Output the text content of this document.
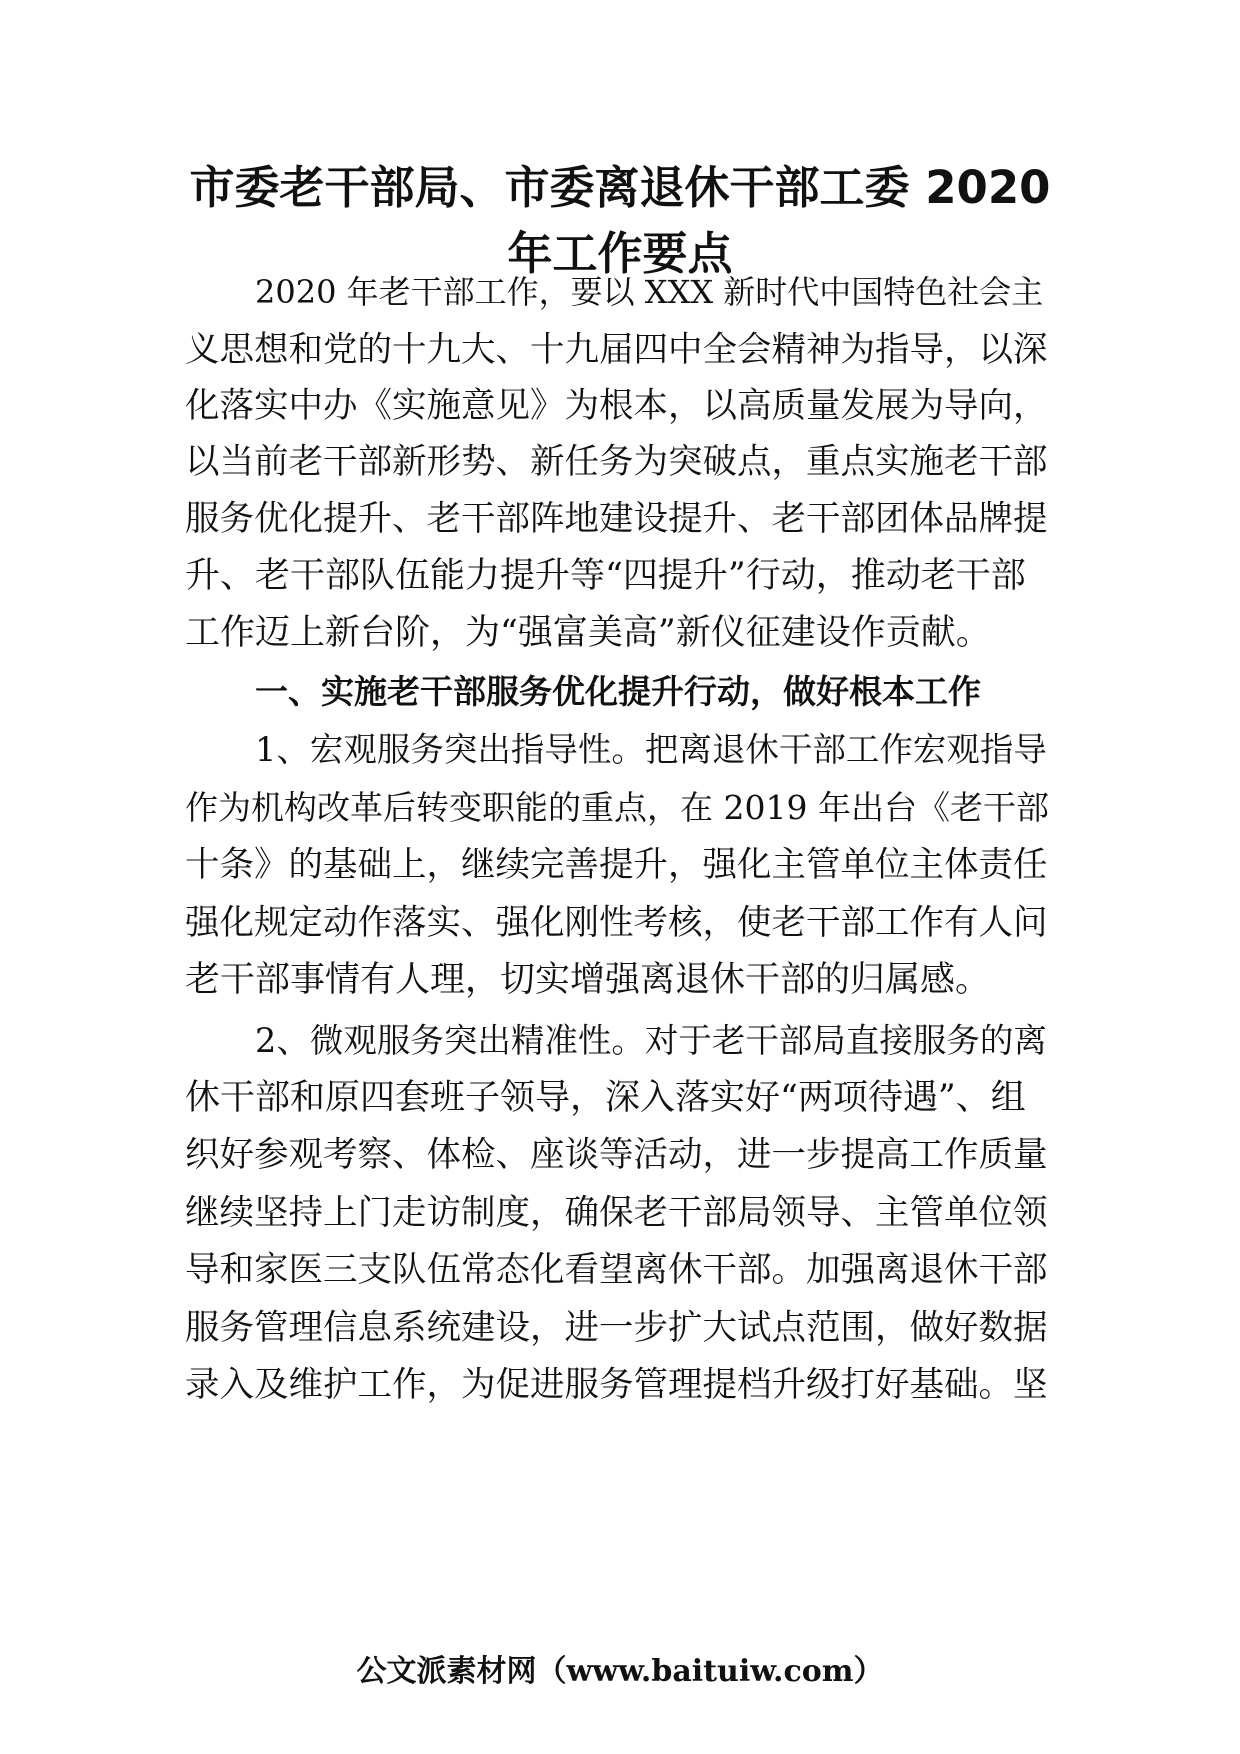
市委老干部局、市委离退休干部工委 2020
年工作要点

2020 年老干部工作，要以 XXX 新时代中国特色社会主

义思想和党的十九大、十九届四中全会精神为指导，以深

化落实中办《实施意见》为根本，以高质量发展为导向，

以当前老干部新形势、新任务为突破点，重点实施老干部

服务优化提升、老干部阵地建设提升、老干部团体品牌提

升、老干部队伍能力提升等“四提升”行动，推动老干部

工作迈上新台阶，为“强富美高”新仪征建设作贡献。

一、实施老干部服务优化提升行动，做好根本工作

1、宏观服务突出指导性。把离退休干部工作宏观指导

作为机构改革后转变职能的重点，在 2019 年出台《老干部

十条》的基础上，继续完善提升，强化主管单位主体责任

强化规定动作落实、强化刚性考核，使老干部工作有人问

老干部事情有人理，切实增强离退休干部的归属感。

2、微观服务突出精准性。对于老干部局直接服务的离

休干部和原四套班子领导，深入落实好“两项待遇”、组

织好参观考察、体检、座谈等活动，进一步提高工作质量

继续坚持上门走访制度，确保老干部局领导、主管单位领

导和家医三支队伍常态化看望离休干部。加强离退休干部

服务管理信息系统建设，进一步扩大试点范围，做好数据

录入及维护工作，为促进服务管理提档升级打好基础。坚

公文派素材网（www.baituiw.com）
